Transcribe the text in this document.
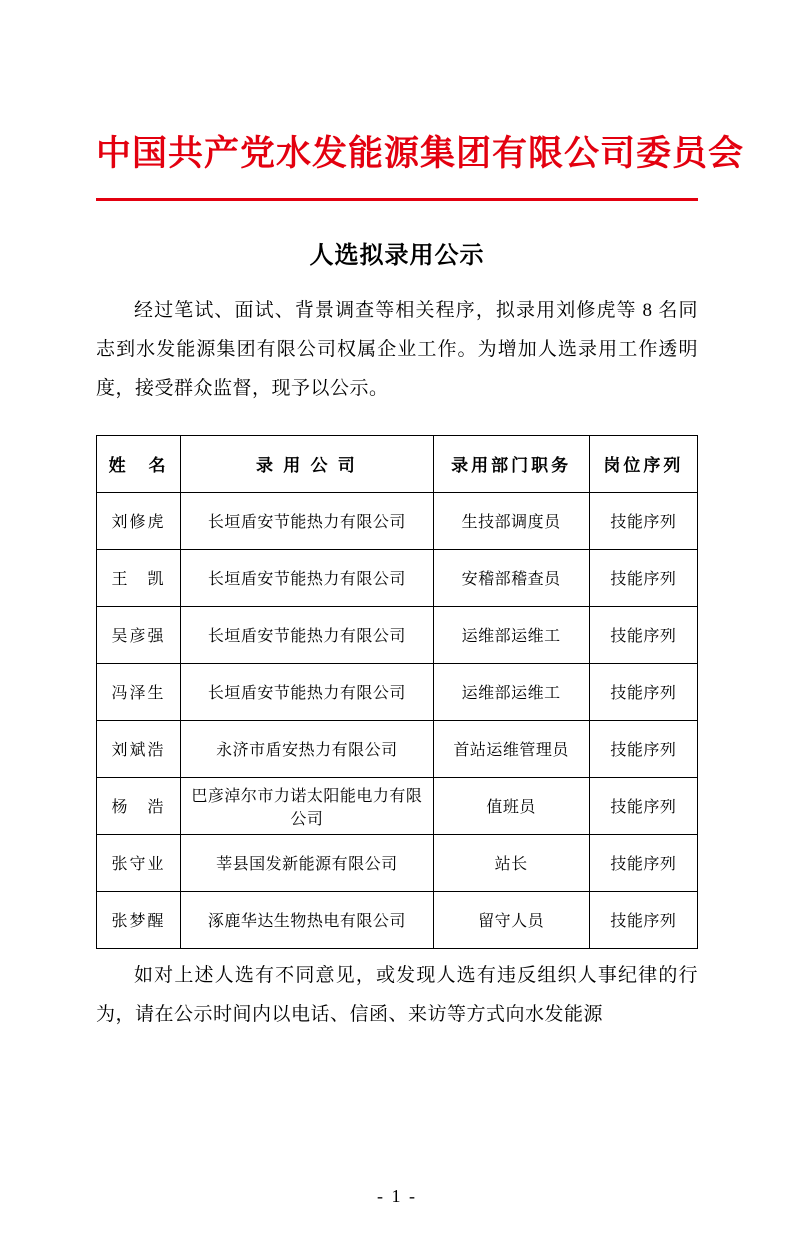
中国共产党水发能源集团有限公司委员会
人选拟录用公示
经过笔试、面试、背景调查等相关程序，拟录用刘修虎等 8 名同志到水发能源集团有限公司权属企业工作。为增加人选录用工作透明度，接受群众监督，现予以公示。
姓　名	录 用 公 司	录用部门职务	岗位序列
刘修虎	长垣盾安节能热力有限公司	生技部调度员	技能序列
王　凯	长垣盾安节能热力有限公司	安稽部稽查员	技能序列
吴彦强	长垣盾安节能热力有限公司	运维部运维工	技能序列
冯泽生	长垣盾安节能热力有限公司	运维部运维工	技能序列
刘斌浩	永济市盾安热力有限公司	首站运维管理员	技能序列
杨　浩	巴彦淖尔市力诺太阳能电力有限公司	值班员	技能序列
张守业	莘县国发新能源有限公司	站长	技能序列
张梦醒	涿鹿华达生物热电有限公司	留守人员	技能序列
如对上述人选有不同意见，或发现人选有违反组织人事纪律的行为，请在公示时间内以电话、信函、来访等方式向水发能源
- 1 -
